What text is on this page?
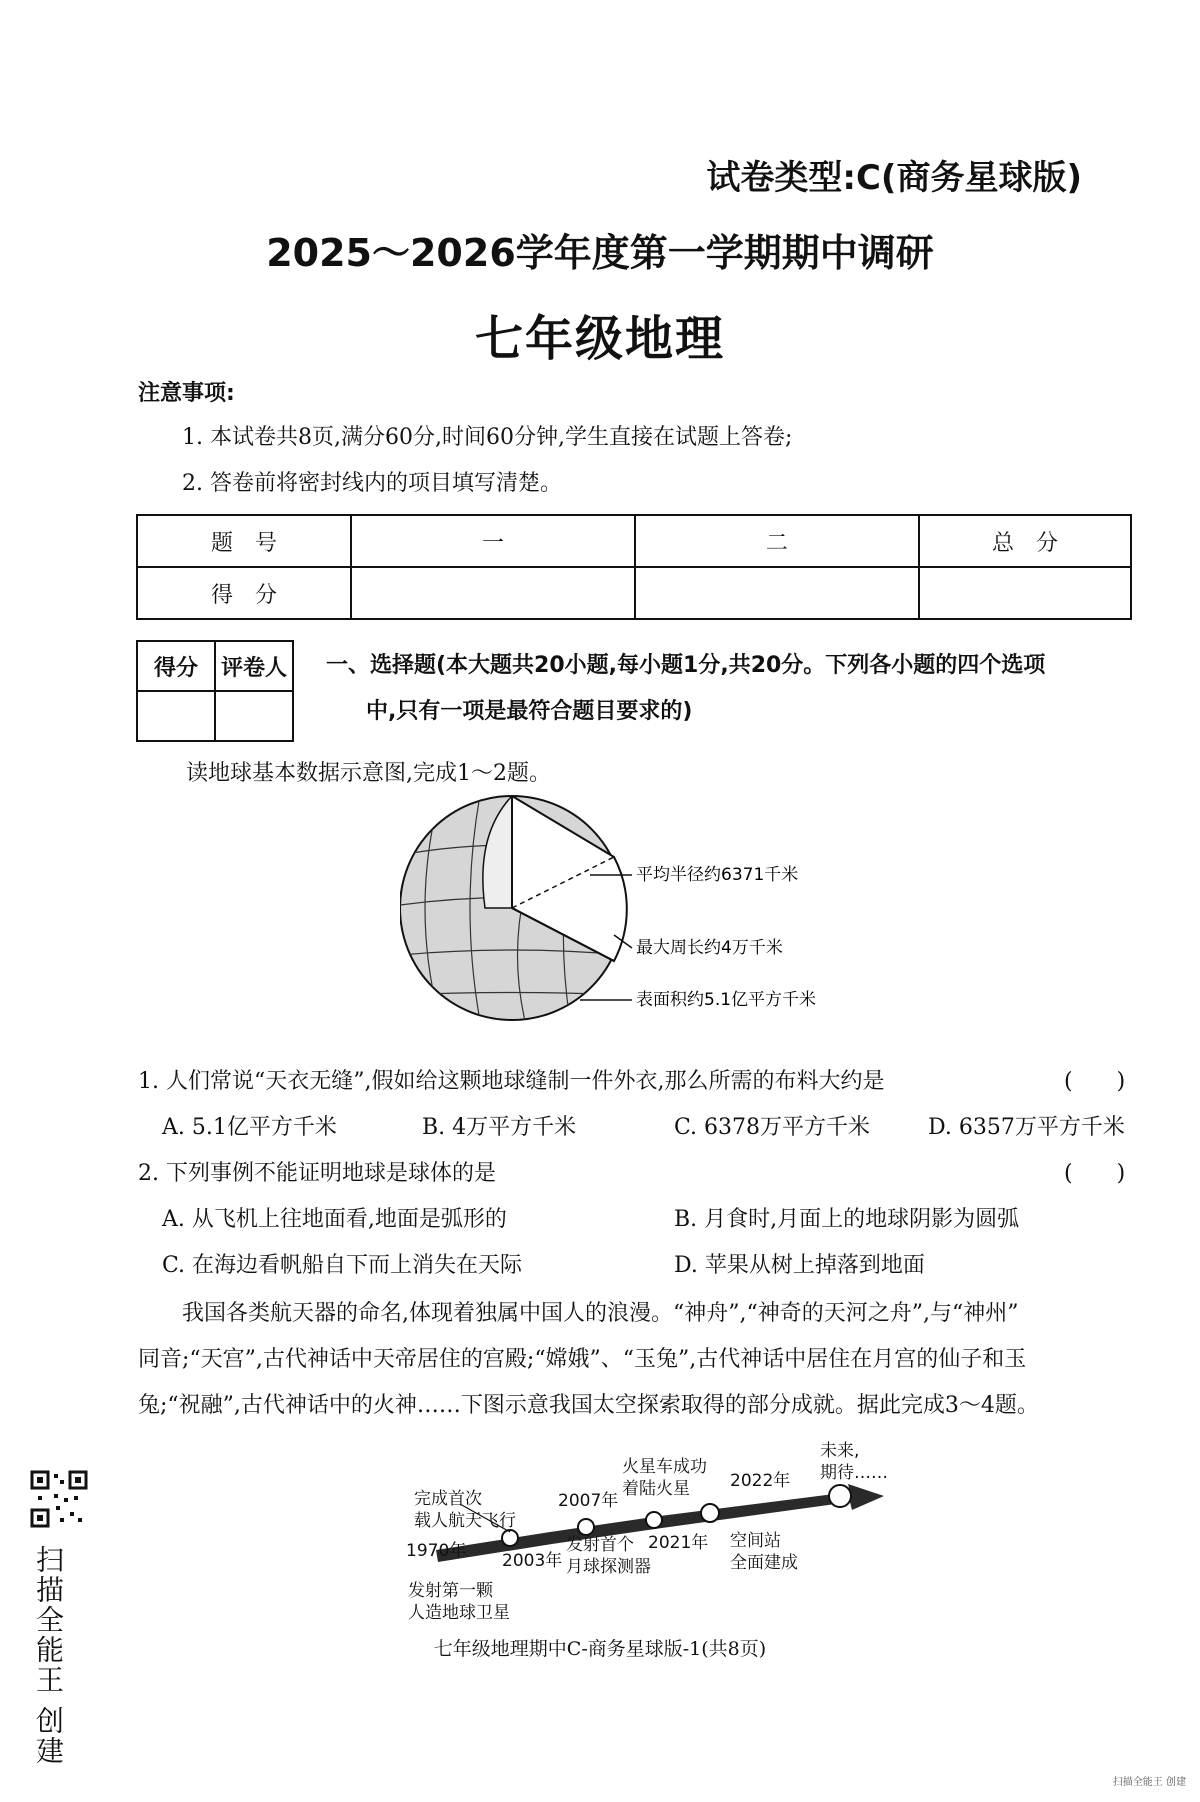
试卷类型:C(商务星球版)
2025～2026学年度第一学期期中调研
七年级地理
注意事项:
1. 本试卷共8页,满分60分,时间60分钟,学生直接在试题上答卷;
2. 答卷前将密封线内的项目填写清楚。
题　号	一	二	总　分
得　分			
得分	评卷人
	一、选择题(本大题共20小题,每小题1分,共20分。下列各小题的四个选项
中,只有一项是最符合题目要求的)
读地球基本数据示意图,完成1～2题。
平均半径约6371千米
最大周长约4万千米
表面积约5.1亿平方千米
1. 人们常说“天衣无缝”,假如给这颗地球缝制一件外衣,那么所需的布料大约是	(　　)
A. 5.1亿平方千米	B. 4万平方千米	C. 6378万平方千米	D. 6357万平方千米
2. 下列事例不能证明地球是球体的是	(　　)
A. 从飞机上往地面看,地面是弧形的	B. 月食时,月面上的地球阴影为圆弧
C. 在海边看帆船自下而上消失在天际	D. 苹果从树上掉落到地面
我国各类航天器的命名,体现着独属中国人的浪漫。“神舟”,“神奇的天河之舟”,与“神州”
同音;“天宫”,古代神话中天帝居住的宫殿;“嫦娥”、“玉兔”,古代神话中居住在月宫的仙子和玉
兔;“祝融”,古代神话中的火神……下图示意我国太空探索取得的部分成就。据此完成3～4题。
1970年
发射第一颗
人造地球卫星
完成首次
载人航天飞行
2003年
2007年
发射首个
月球探测器
火星车成功
着陆火星
2021年
2022年
空间站
全面建成
未来,
期待……
七年级地理期中C-商务星球版-1(共8页)
扫描全能王 创建
扫描全能王 创建
